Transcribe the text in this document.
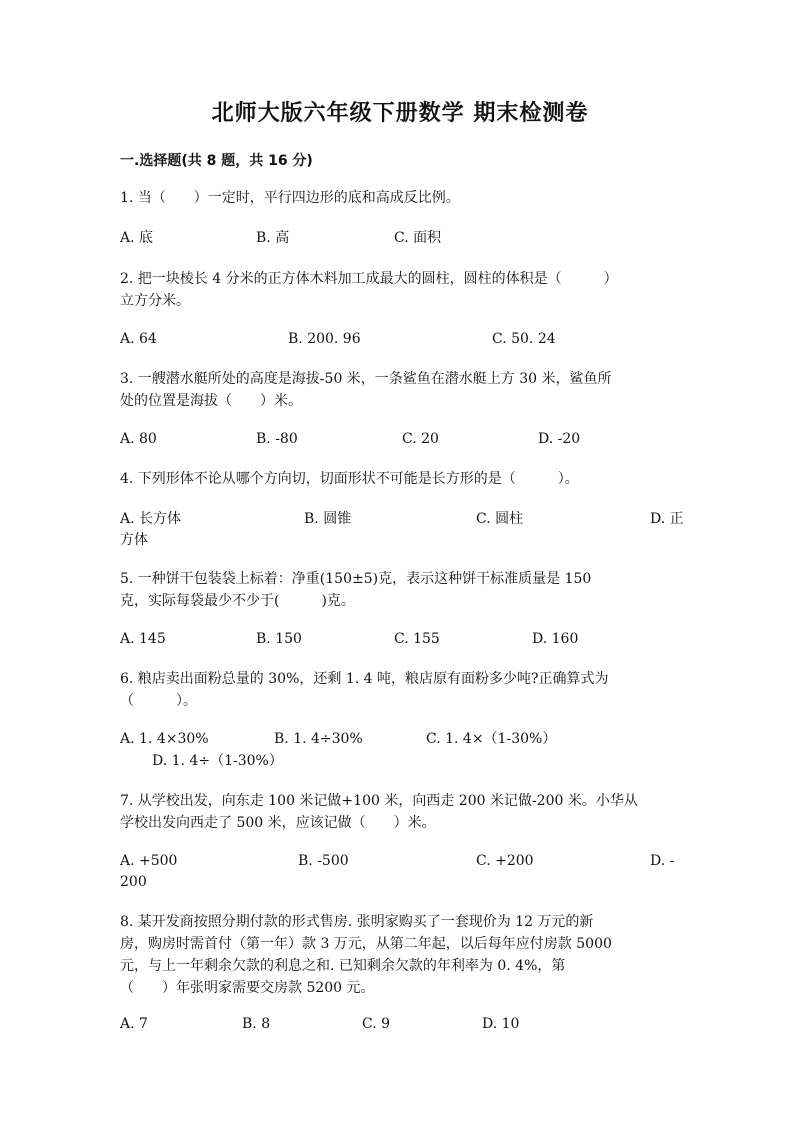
北师大版六年级下册数学 期末检测卷
一.选择题(共 8 题，共 16 分)
1. 当（　　）一定时，平行四边形的底和高成反比例。
A. 底	B. 高	C. 面积
2. 把一块棱长 4 分米的正方体木料加工成最大的圆柱，圆柱的体积是（　　　）
立方分米。
A. 64	B. 200. 96	C. 50. 24
3. 一艘潜水艇所处的高度是海拔-50 米，一条鲨鱼在潜水艇上方 30 米，鲨鱼所
处的位置是海拔（　　）米。
A. 80	B. -80	C. 20	D. -20
4. 下列形体不论从哪个方向切，切面形状不可能是长方形的是（　　　）。
A. 长方体	B. 圆锥	C. 圆柱	D. 正
方体
5. 一种饼干包装袋上标着：净重(150±5)克，表示这种饼干标准质量是 150
克，实际每袋最少不少于(　　　)克。
A. 145	B. 150	C. 155	D. 160
6. 粮店卖出面粉总量的 30%，还剩 1. 4 吨，粮店原有面粉多少吨?正确算式为
（　　　）。
A. 1. 4×30%	B. 1. 4÷30%	C. 1. 4×（1-30%）
D. 1. 4÷（1-30%）
7. 从学校出发，向东走 100 米记做+100 米，向西走 200 米记做-200 米。小华从
学校出发向西走了 500 米，应该记做（　　）米。
A. +500	B. -500	C. +200	D. -
200
8. 某开发商按照分期付款的形式售房. 张明家购买了一套现价为 12 万元的新
房，购房时需首付（第一年）款 3 万元，从第二年起，以后每年应付房款 5000
元，与上一年剩余欠款的利息之和. 已知剩余欠款的年利率为 0. 4%，第
（　　）年张明家需要交房款 5200 元。
A. 7	B. 8	C. 9	D. 10
